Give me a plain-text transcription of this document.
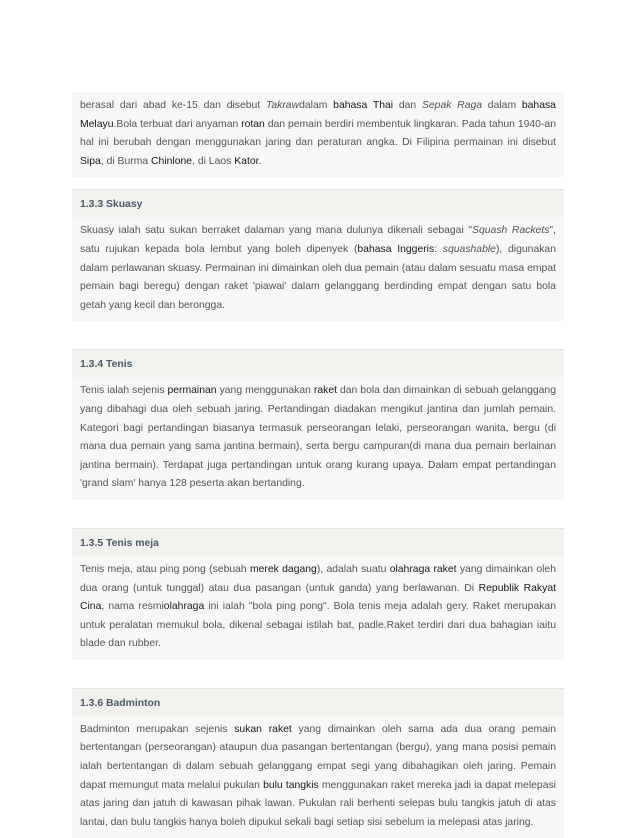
berasal dari abad ke-15 dan disebut Takrawdalam bahasa Thai dan Sepak Raga dalam bahasa Melayu.Bola terbuat dari anyaman rotan dan pemain berdiri membentuk lingkaran. Pada tahun 1940-an hal ini berubah dengan menggunakan jaring dan peraturan angka. Di Filipina permainan ini disebut Sipa, di Burma Chinlone, di Laos Kator.
1.3.3 Skuasy
Skuasy ialah satu sukan berraket dalaman yang mana dulunya dikenali sebagai "Squash Rackets", satu rujukan kepada bola lembut yang boleh dipenyek (bahasa Inggeris: squashable), digunakan dalam perlawanan skuasy. Permainan ini dimainkan oleh dua pemain (atau dalam sesuatu masa empat pemain bagi beregu) dengan raket 'piawai' dalam gelanggang berdinding empat dengan satu bola getah yang kecil dan berongga.
1.3.4 Tenis
Tenis ialah sejenis permainan yang menggunakan raket dan bola dan dimainkan di sebuah gelanggang yang dibahagi dua oleh sebuah jaring. Pertandingan diadakan mengikut jantina dan jumlah pemain. Kategori bagi pertandingan biasanya termasuk perseorangan lelaki, perseorangan wanita, bergu (di mana dua pemain yang sama jantina bermain), serta bergu campuran(di mana dua pemain berlainan jantina bermain). Terdapat juga pertandingan untuk orang kurang upaya. Dalam empat pertandingan 'grand slam' hanya 128 peserta akan bertanding.
1.3.5 Tenis meja
Tenis meja, atau ping pong (sebuah merek dagang), adalah suatu olahraga raket yang dimainkan oleh dua orang (untuk tunggal) atau dua pasangan (untuk ganda) yang berlawanan. Di Republik Rakyat Cina, nama resmiolahraga ini ialah "bola ping pong". Bola tenis meja adalah gery. Raket merupakan untuk peralatan memukul bola, dikenal sebagai istilah bat, padle.Raket terdiri dari dua bahagian iaitu blade dan rubber.
1.3.6 Badminton
Badminton merupakan sejenis sukan raket yang dimainkan oleh sama ada dua orang pemain bertentangan (perseorangan) ataupun dua pasangan bertentangan (bergu), yang mana posisi pemain ialah bertentangan di dalam sebuah gelanggang empat segi yang dibahagikan oleh jaring. Pemain dapat memungut mata melalui pukulan bulu tangkis menggunakan raket mereka jadi ia dapat melepasi atas jaring dan jatuh di kawasan pihak lawan. Pukulan rali berhenti selepas bulu tangkis jatuh di atas lantai, dan bulu tangkis hanya boleh dipukul sekali bagi setiap sisi sebelum ia melepasi atas jaring.
